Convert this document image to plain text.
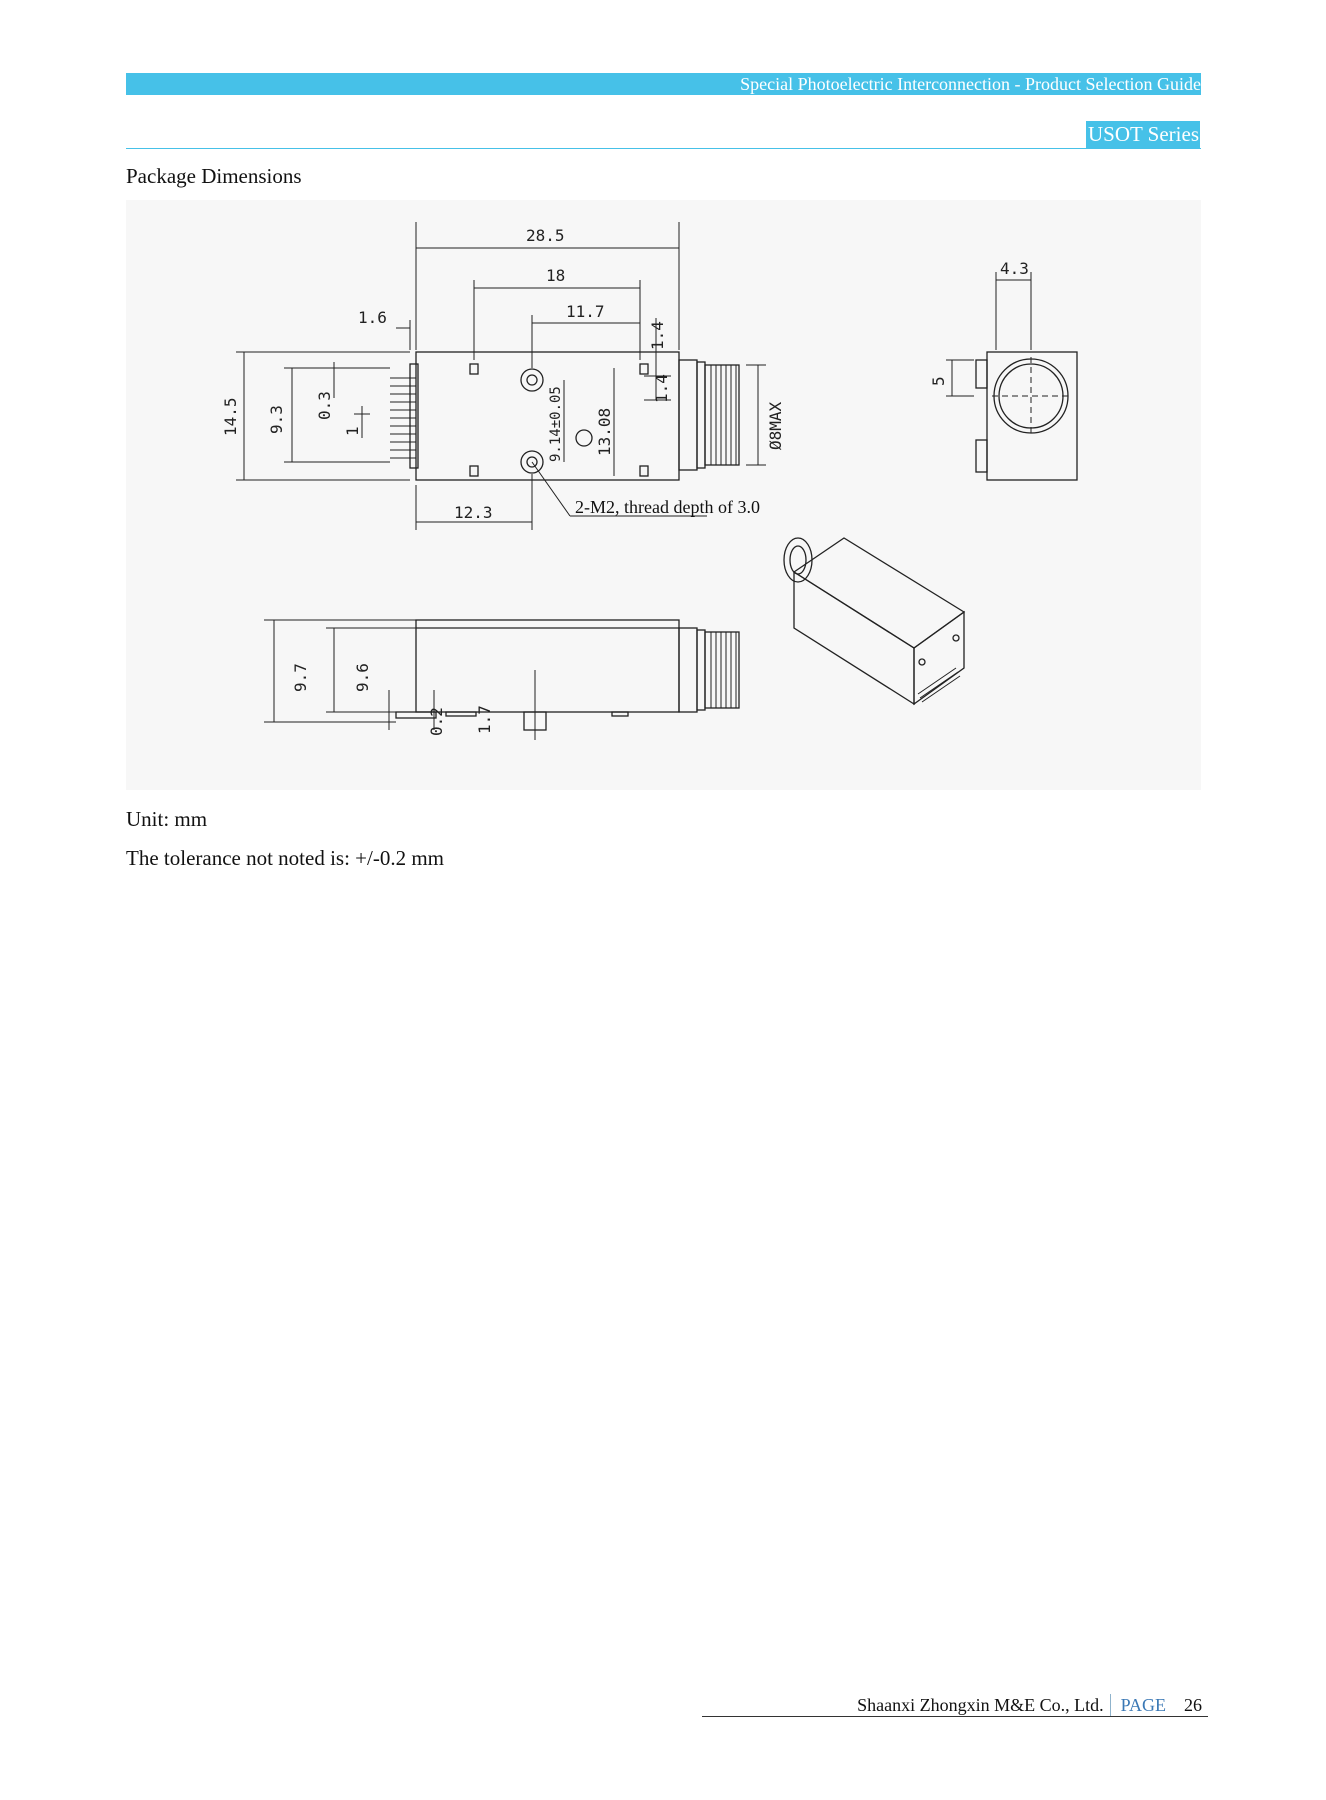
Special Photoelectric Interconnection - Product Selection Guide
USOT Series
Package Dimensions
28.5
18
11.7
1.6
1.4
1.4
14.5 9.3 0.3
1	9.14±0.05 13.08	Ø8MAX
12.3
4.3
5
9.7	9.6
0.2 1.7
2-M2, thread depth of 3.0
Unit: mm
The tolerance not noted is: +/-0.2 mm
Shaanxi Zhongxin M&E Co., Ltd. PAGE 26
